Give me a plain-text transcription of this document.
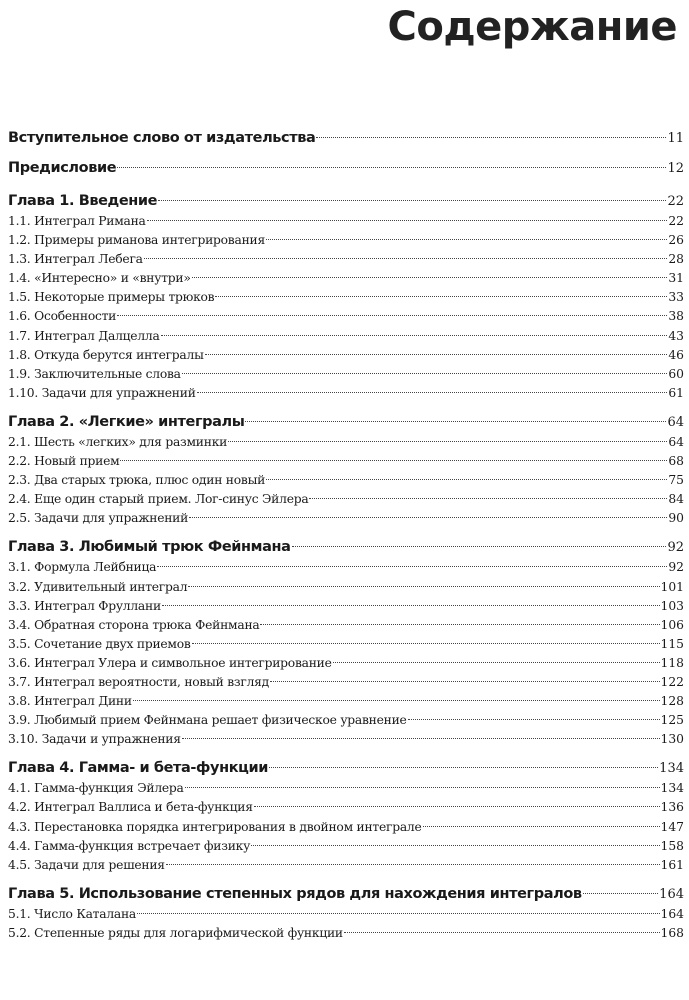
Содержание
Вступительное слово от издательства	11
Предисловие	12
Глава 1. Введение	22
1.1. Интеграл Римана	22
1.2. Примеры риманова интегрирования	26
1.3. Интеграл Лебега	28
1.4. «Интересно» и «внутри»	31
1.5. Некоторые примеры трюков	33
1.6. Особенности	38
1.7. Интеграл Далцелла	43
1.8. Откуда берутся интегралы	46
1.9. Заключительные слова	60
1.10. Задачи для упражнений	61
Глава 2. «Легкие» интегралы	64
2.1. Шесть «легких» для разминки	64
2.2. Новый прием	68
2.3. Два старых трюка, плюс один новый	75
2.4. Еще один старый прием. Лог-синус Эйлера	84
2.5. Задачи для упражнений	90
Глава 3. Любимый трюк Фейнмана	92
3.1. Формула Лейбница	92
3.2. Удивительный интеграл	101
3.3. Интеграл Фруллани	103
3.4. Обратная сторона трюка Фейнмана	106
3.5. Сочетание двух приемов	115
3.6. Интеграл Улера и символьное интегрирование	118
3.7. Интеграл вероятности, новый взгляд	122
3.8. Интеграл Дини	128
3.9. Любимый прием Фейнмана решает физическое уравнение	125
3.10. Задачи и упражнения	130
Глава 4. Гамма- и бета-функции	134
4.1. Гамма-функция Эйлера	134
4.2. Интеграл Валлиса и бета-функция	136
4.3. Перестановка порядка интегрирования в двойном интеграле	147
4.4. Гамма-функция встречает физику	158
4.5. Задачи для решения	161
Глава 5. Использование степенных рядов для нахождения интегралов	164
5.1. Число Каталана	164
5.2. Степенные ряды для логарифмической функции	168
